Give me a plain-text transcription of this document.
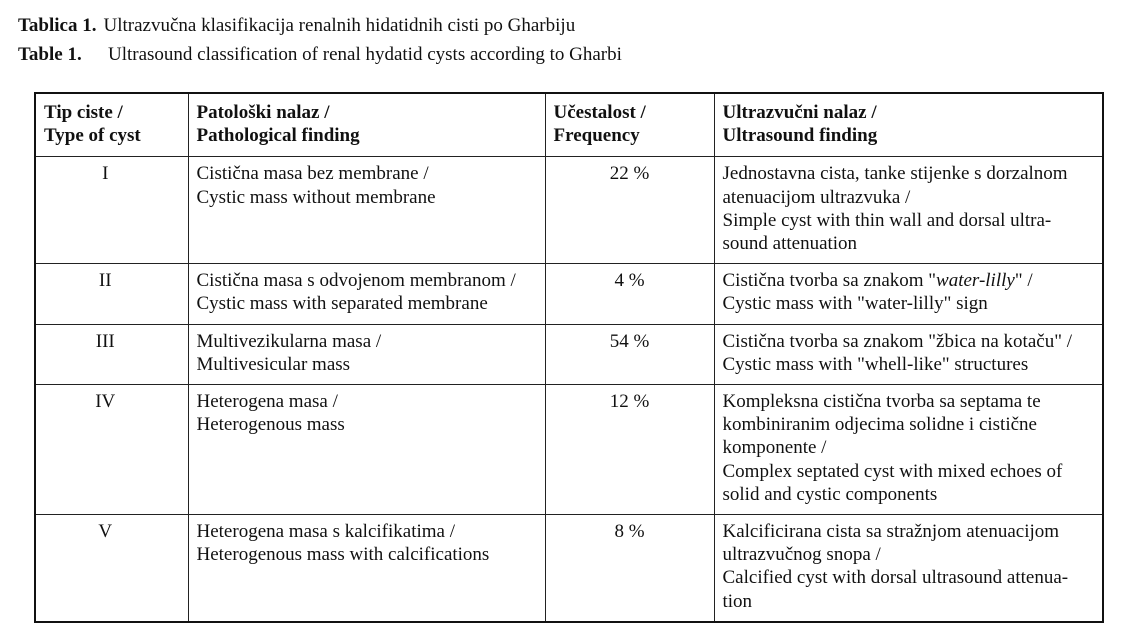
Tablica 1. Ultrazvučna klasifikacija renalnih hidatidnih cisti po Gharbiju
Table 1. Ultrasound classification of renal hydatid cysts according to Gharbi
Tip ciste /
Type of cyst	Patološki nalaz /
Pathological finding	Učestalost /
Frequency	Ultrazvučni nalaz /
Ultrasound finding

I	Cistična masa bez membrane /
Cystic mass without membrane	22 %	Jednostavna cista, tanke stijenke s dorzalnom
atenuacijom ultrazvuka /
Simple cyst with thin wall and dorsal ultra-
sound attenuation

II	Cistična masa s odvojenom membranom /
Cystic mass with separated membrane	4 %	Cistična tvorba sa znakom "water-lilly" /
Cystic mass with "water-lilly" sign

III	Multivezikularna masa /
Multivesicular mass	54 %	Cistična tvorba sa znakom "žbica na kotaču" /
Cystic mass with "whell-like" structures

IV	Heterogena masa /
Heterogenous mass	12 %	Kompleksna cistična tvorba sa septama te
kombiniranim odjecima solidne i cistične
komponente /
Complex septated cyst with mixed echoes of
solid and cystic components

V	Heterogena masa s kalcifikatima /
Heterogenous mass with calcifications	8 %	Kalcificirana cista sa stražnjom atenuacijom
ultrazvučnog snopa /
Calcified cyst with dorsal ultrasound attenua-
tion
